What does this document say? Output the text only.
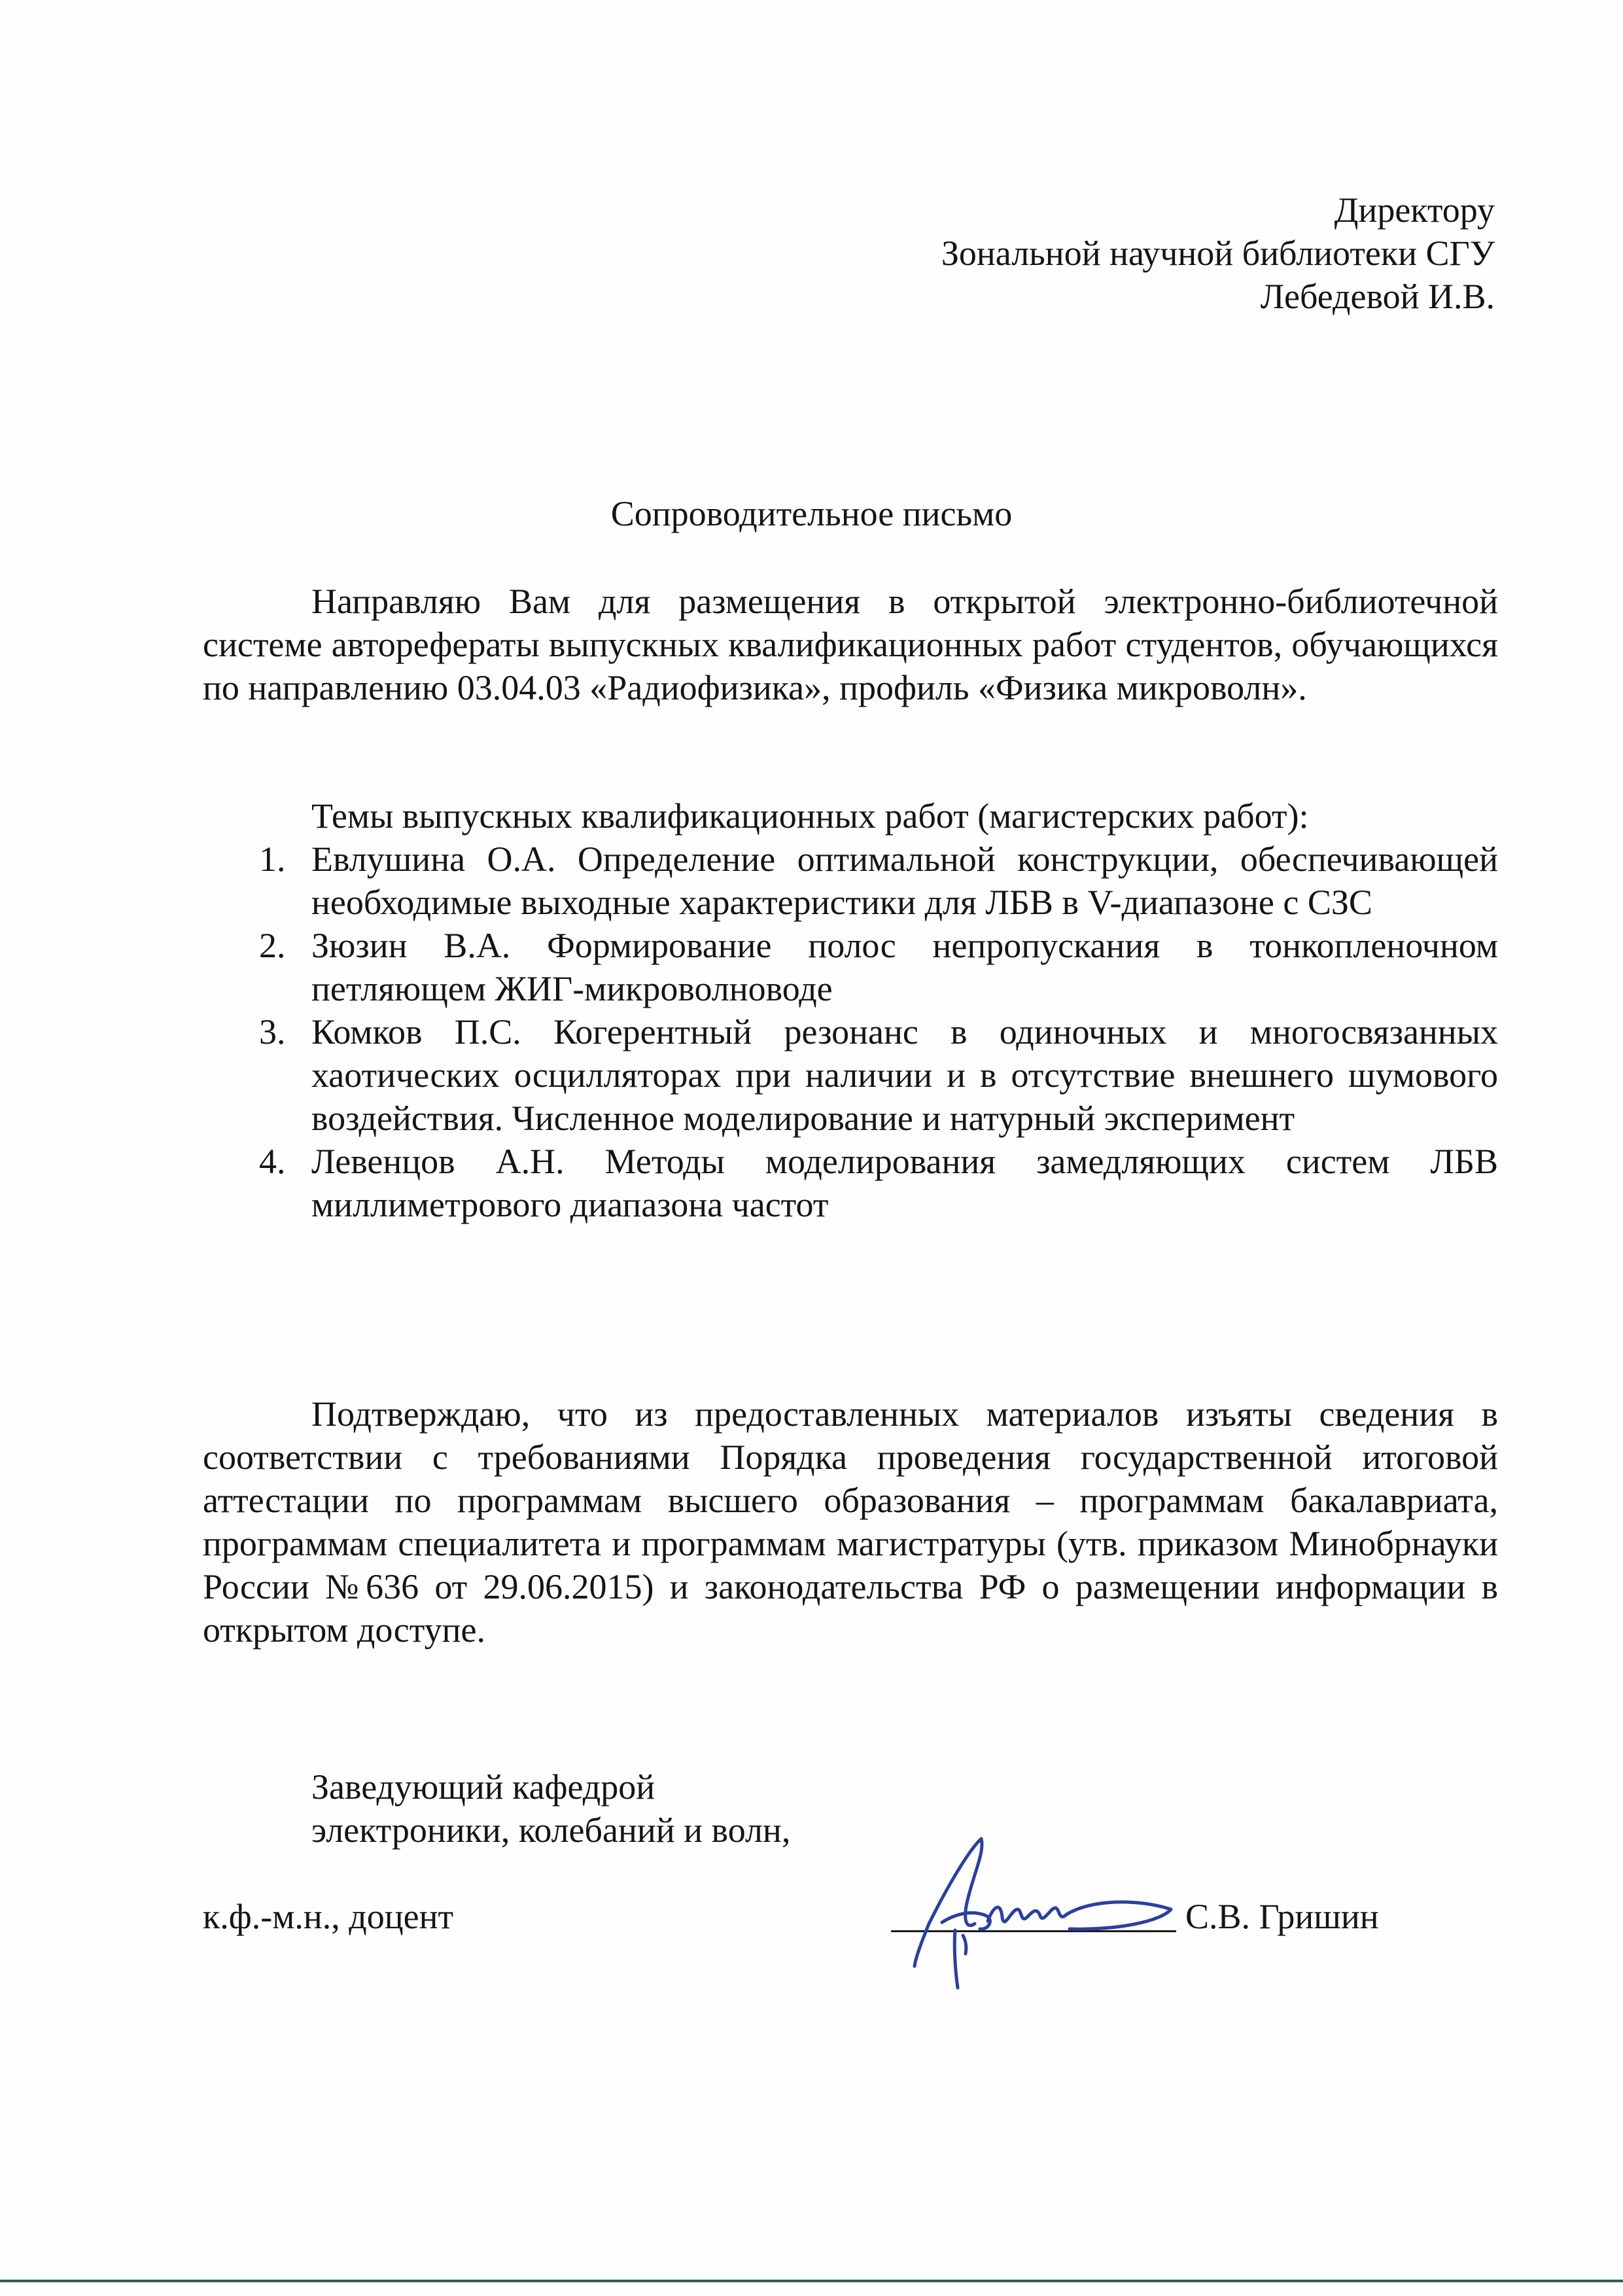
Директору
Зональной научной библиотеки СГУ
Лебедевой И.В.
Сопроводительное письмо
Направляю Вам для размещения в открытой электронно-библиотечной системе авторефераты выпускных квалификационных работ студентов, обучающихся по направлению 03.04.03 «Радиофизика», профиль «Физика микроволн».
Темы выпускных квалификационных работ (магистерских работ):
1. Евлушина О.А. Определение оптимальной конструкции, обеспечивающей необходимые выходные характеристики для ЛБВ в V-диапазоне с СЗС
2. Зюзин В.А. Формирование полос непропускания в тонкопленочном петляющем ЖИГ-микроволноводе
3. Комков П.С. Когерентный резонанс в одиночных и многосвязанных хаотических осцилляторах при наличии и в отсутствие внешнего шумового воздействия. Численное моделирование и натурный эксперимент
4. Левенцов А.Н. Методы моделирования замедляющих систем ЛБВ миллиметрового диапазона частот
Подтверждаю, что из предоставленных материалов изъяты сведения в соответствии с требованиями Порядка проведения государственной итоговой аттестации по программам высшего образования – программам бакалавриата, программам специалитета и программам магистратуры (утв. приказом Минобрнауки России №636 от 29.06.2015) и законодательства РФ о размещении информации в открытом доступе.
Заведующий кафедрой
электроники, колебаний и волн,
к.ф.-м.н., доцент	С.В. Гришин
